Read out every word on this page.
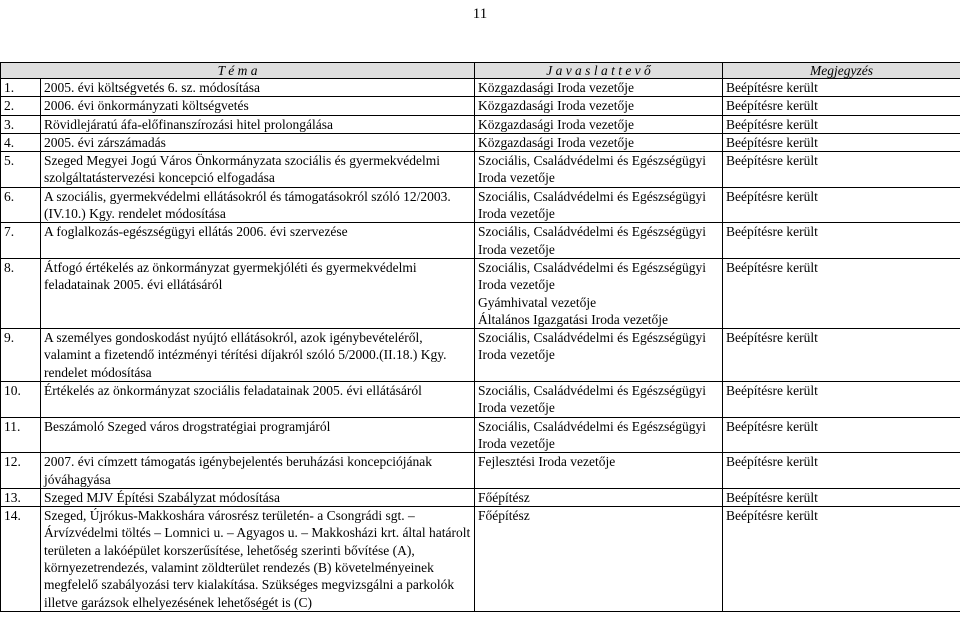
11
T é m a		J a v a s l a t t e v ő	Megjegyzés
1.	2005. évi költségvetés 6. sz. módosítása	Közgazdasági Iroda vezetője	Beépítésre került
2.	2006. évi önkormányzati költségvetés	Közgazdasági Iroda vezetője	Beépítésre került
3.	Rövidlejáratú áfa-előfinanszírozási hitel prolongálása	Közgazdasági Iroda vezetője	Beépítésre került
4.	2005. évi zárszámadás	Közgazdasági Iroda vezetője	Beépítésre került
5.	Szeged Megyei Jogú Város Önkormányzata szociális és gyermekvédelmi szolgáltatástervezési koncepció elfogadása	Szociális, Családvédelmi és Egészségügyi Iroda vezetője	Beépítésre került
6.	A szociális, gyermekvédelmi ellátásokról és támogatásokról szóló 12/2003.(IV.10.) Kgy. rendelet módosítása	Szociális, Családvédelmi és Egészségügyi Iroda vezetője	Beépítésre került
7.	A foglalkozás-egészségügyi ellátás 2006. évi szervezése	Szociális, Családvédelmi és Egészségügyi Iroda vezetője	Beépítésre került
8.	Átfogó értékelés az önkormányzat gyermekjóléti és gyermekvédelmi feladatainak 2005. évi ellátásáról	Szociális, Családvédelmi és Egészségügyi Iroda vezetője
Gyámhivatal vezetője
Általános Igazgatási Iroda vezetője	Beépítésre került
9.	A személyes gondoskodást nyújtó ellátásokról, azok igénybevételéről, valamint a fizetendő intézményi térítési díjakról szóló 5/2000.(II.18.) Kgy. rendelet módosítása	Szociális, Családvédelmi és Egészségügyi Iroda vezetője	Beépítésre került
10.	Értékelés az önkormányzat szociális feladatainak 2005. évi ellátásáról	Szociális, Családvédelmi és Egészségügyi Iroda vezetője	Beépítésre került
11.	Beszámoló Szeged város drogstratégiai programjáról	Szociális, Családvédelmi és Egészségügyi Iroda vezetője	Beépítésre került
12.	2007. évi címzett támogatás igénybejelentés beruházási koncepciójának jóváhagyása	Fejlesztési Iroda vezetője	Beépítésre került
13.	Szeged MJV Építési Szabályzat módosítása	Főépítész	Beépítésre került
14.	Szeged, Újrókus-Makkoshára városrész területén- a Csongrádi sgt. – Árvízvédelmi töltés – Lomnici u. – Agyagos u. – Makkosházi krt. által határolt területen a lakóépület korszerűsítése, lehetőség szerinti bővítése (A), környezetrendezés, valamint zöldterület rendezés (B) követelményeinek megfelelő szabályozási terv kialakítása. Szükséges megvizsgálni a parkolók illetve garázsok elhelyezésének lehetőségét is (C)	Főépítész	Beépítésre került
